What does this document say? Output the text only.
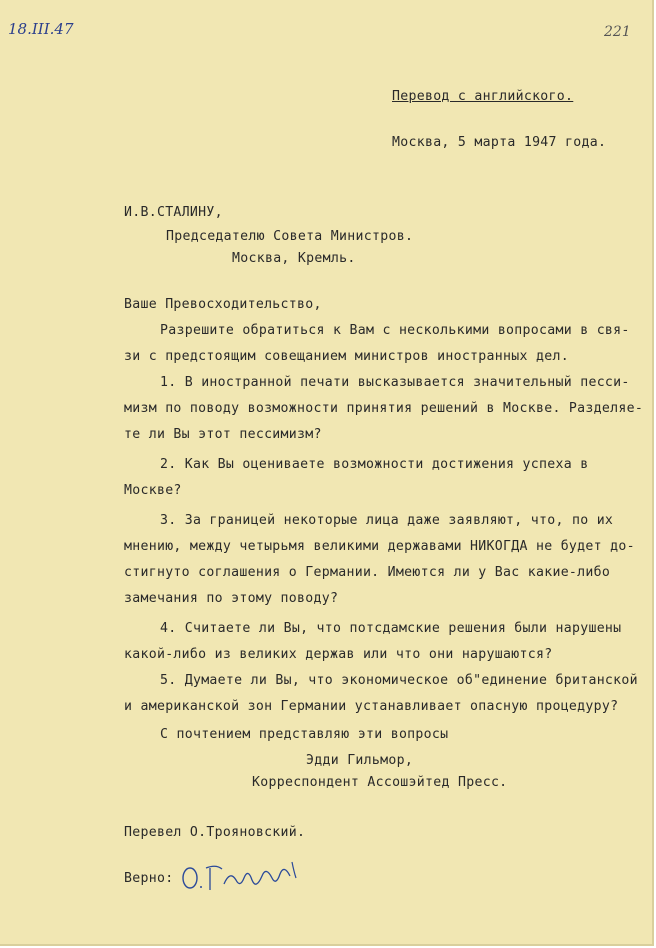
18.III.47	221
Перевод с английского.
Москва, 5 марта 1947 года.
И.В.СТАЛИНУ,
Председателю Совета Министров.
Москва, Кремль.
Ваше Превосходительство,
Разрешите обратиться к Вам с несколькими вопросами в свя-
зи с предстоящим совещанием министров иностранных дел.
1. В иностранной печати высказывается значительный песси-
мизм по поводу возможности принятия решений в Москве. Разделяе-
те ли Вы этот пессимизм?
2. Как Вы оцениваете возможности достижения успеха в
Москве?
3. За границей некоторые лица даже заявляют, что, по их
мнению, между четырьмя великими державами НИКОГДА не будет до-
стигнуто соглашения о Германии. Имеются ли у Вас какие-либо
замечания по этому поводу?
4. Считаете ли Вы, что потсдамские решения были нарушены
какой-либо из великих держав или что они нарушаются?
5. Думаете ли Вы, что экономическое об"единение британской
и американской зон Германии устанавливает опасную процедуру?
С почтением представляю эти вопросы
Эдди Гильмор,
Корреспондент Ассошэйтед Пресс.
Перевел О.Трояновский.
Верно:
